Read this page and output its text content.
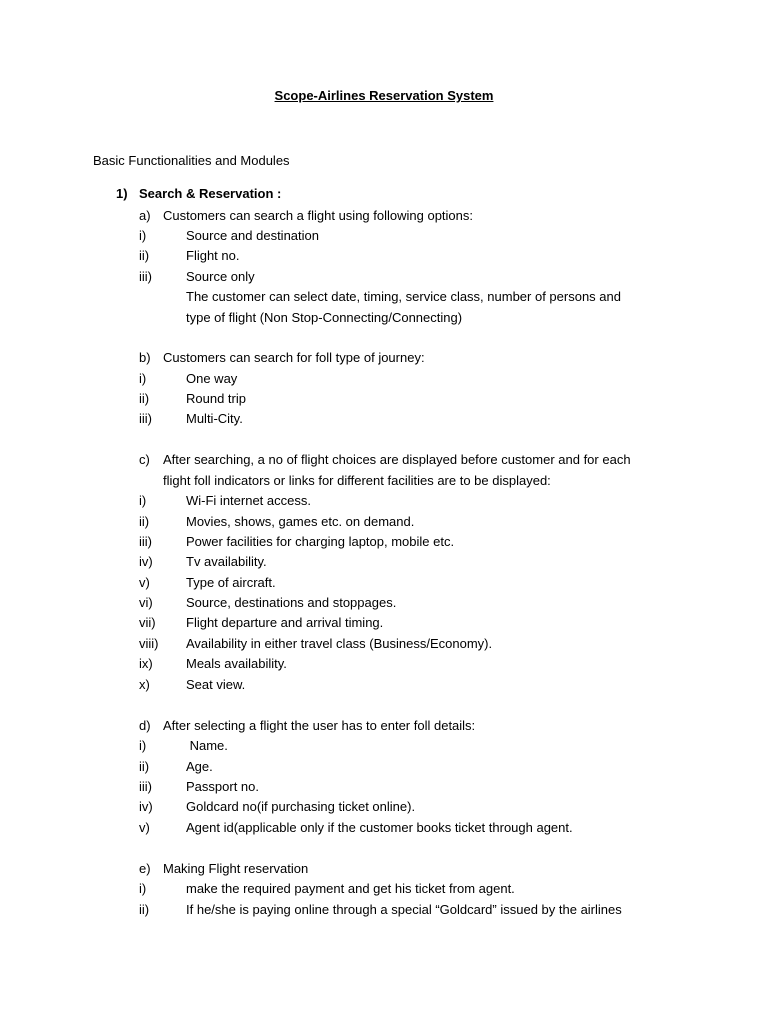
Scope-Airlines Reservation System
Basic Functionalities and Modules
1) Search & Reservation :
a) Customers can search a flight using following options:
i)	Source and destination
ii)	Flight no.
iii)	Source only
The customer can select date, timing, service class, number of persons and
type of flight (Non Stop-Connecting/Connecting)
b) Customers can search for foll type of journey:
i)	One way
ii)	Round trip
iii)	Multi-City.
c) After searching, a no of flight choices are displayed before customer and for each
flight foll indicators or links for different facilities are to be displayed:
i)	Wi-Fi internet access.
ii)	Movies, shows, games etc. on demand.
iii)	Power facilities for charging laptop, mobile etc.
iv)	Tv availability.
v)	Type of aircraft.
vi)	Source, destinations and stoppages.
vii) Flight departure and arrival timing.
viii) Availability in either travel class (Business/Economy).
ix)	Meals availability.
x)	Seat view.
d) After selecting a flight the user has to enter foll details:
i)	Name.
ii)	Age.
iii)	Passport no.
iv)	Goldcard no(if purchasing ticket online).
v)	Agent id(applicable only if the customer books ticket through agent.
e) Making Flight reservation
i)	make the required payment and get his ticket from agent.
ii)	If he/she is paying online through a special “Goldcard” issued by the airlines
